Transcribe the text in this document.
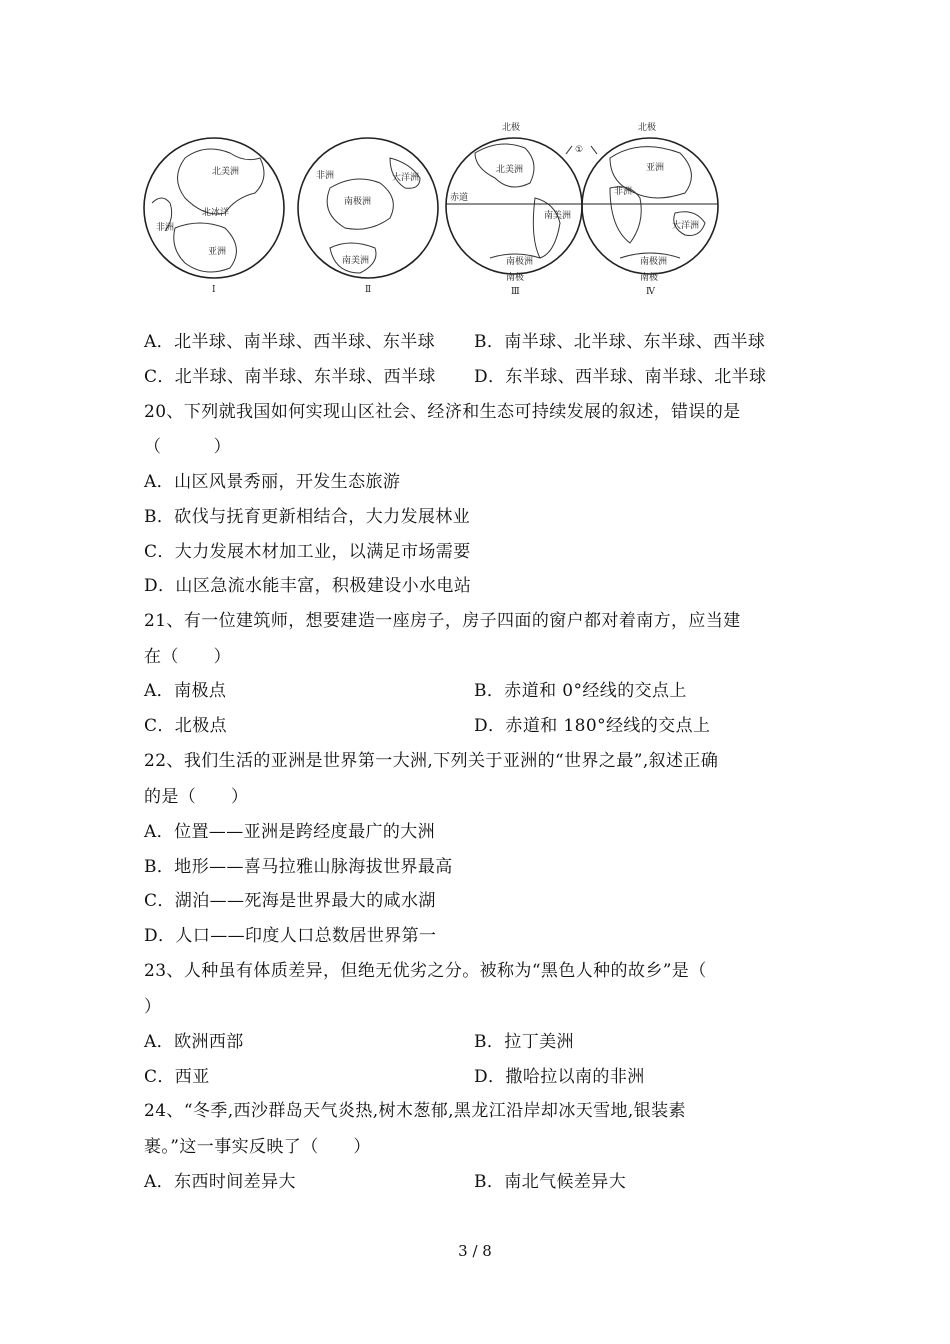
北美洲
北冰洋
非洲
亚洲
Ⅰ
非洲	大洋洲
南极洲
南美洲
Ⅱ
北极
北美洲
赤道
南美洲
南极洲
南极
Ⅲ
北极
亚洲
非洲
大洋洲
南极洲
南极
Ⅳ
①
A．北半球、南半球、西半球、东半球 B．南半球、北半球、东半球、西半球
C．北半球、南半球、东半球、西半球 D．东半球、西半球、南半球、北半球
20、下列就我国如何实现山区社会、经济和生态可持续发展的叙述，错误的是
（　　　）
A．山区风景秀丽，开发生态旅游
B．砍伐与抚育更新相结合，大力发展林业
C．大力发展木材加工业，以满足市场需要
D．山区急流水能丰富，积极建设小水电站
21、有一位建筑师，想要建造一座房子，房子四面的窗户都对着南方，应当建
在（　　）
A．南极点	B．赤道和 0°经线的交点上
C．北极点	D．赤道和 180°经线的交点上
22、我们生活的亚洲是世界第一大洲,下列关于亚洲的“世界之最”,叙述正确
的是（　　）
A．位置——亚洲是跨经度最广的大洲
B．地形——喜马拉雅山脉海拔世界最高
C．湖泊——死海是世界最大的咸水湖
D．人口——印度人口总数居世界第一
23、人种虽有体质差异，但绝无优劣之分。被称为“黑色人种的故乡”是（
）
A．欧洲西部	B．拉丁美洲
C．西亚	D．撒哈拉以南的非洲
24、“冬季,西沙群岛天气炎热,树木葱郁,黑龙江沿岸却冰天雪地,银装素
裹。”这一事实反映了（　　）
A．东西时间差异大	B．南北气候差异大
3 / 8
